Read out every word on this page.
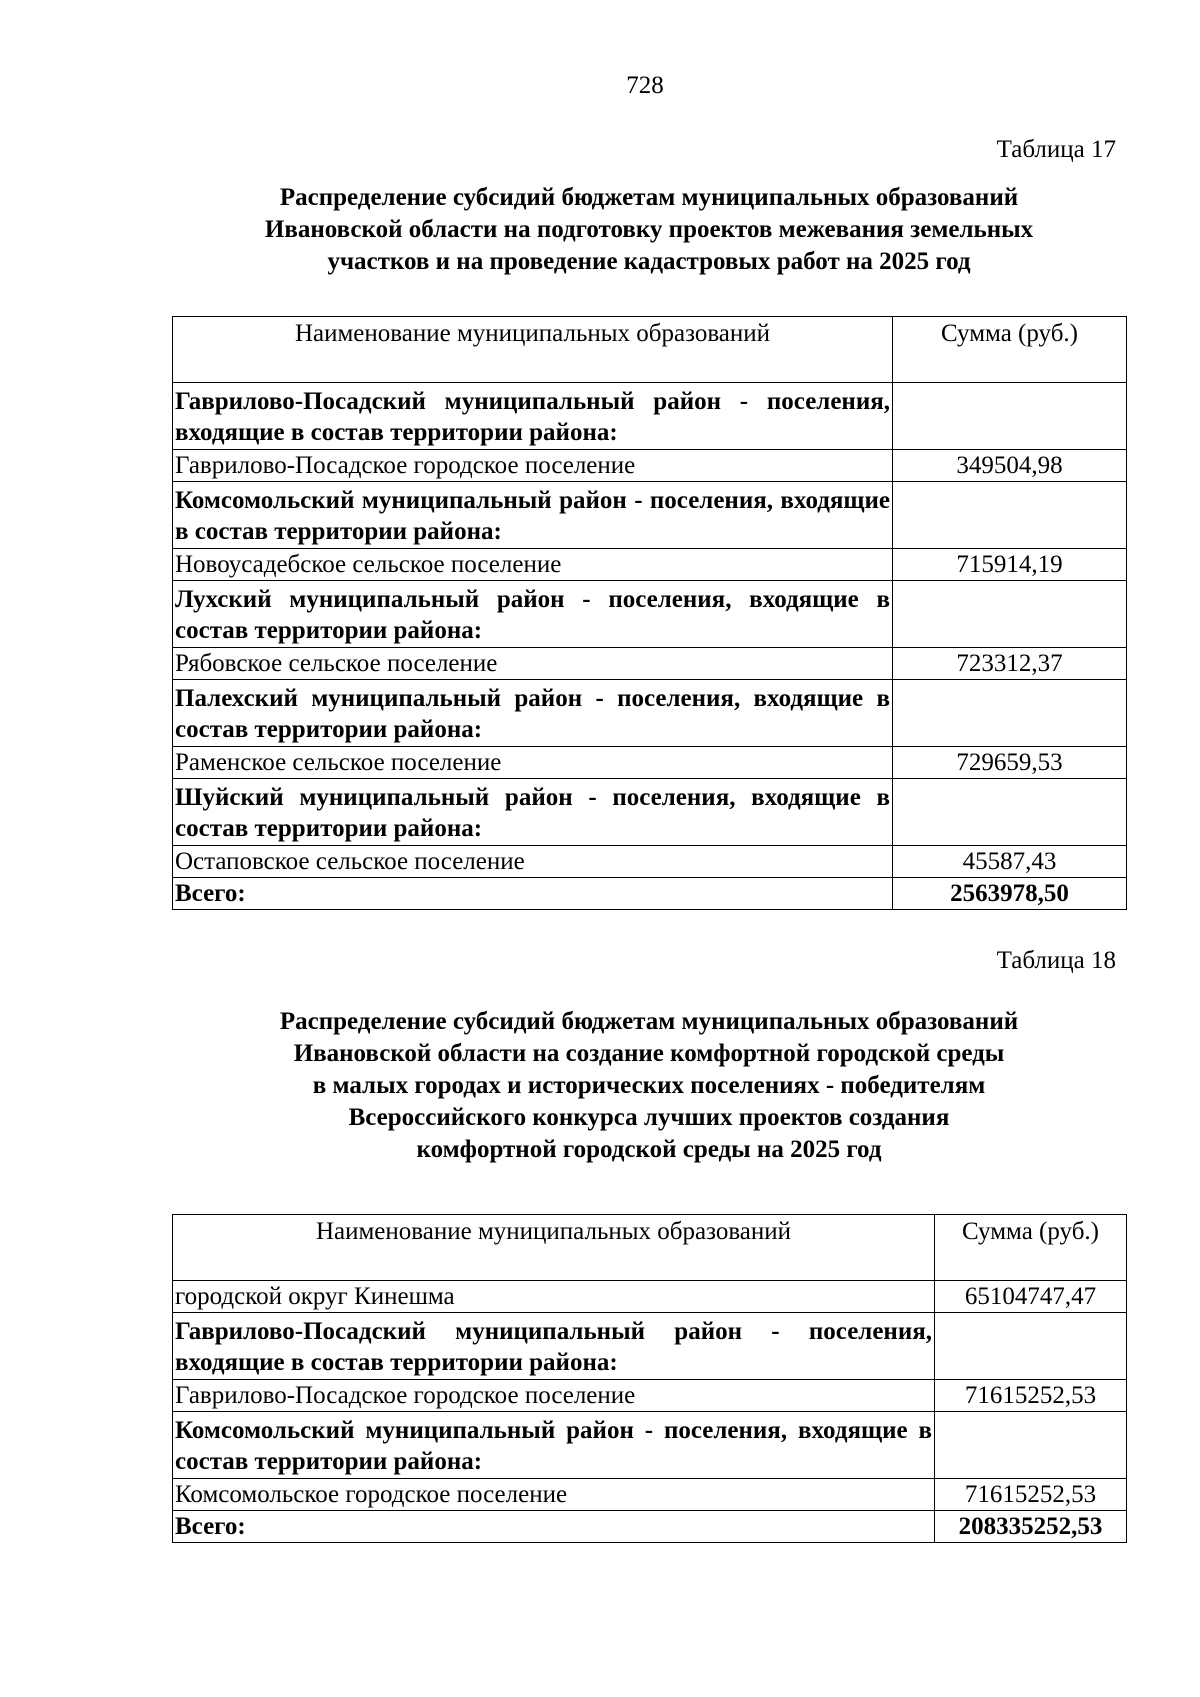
728
Таблица 17
Распределение субсидий бюджетам муниципальных образований
Ивановской области на подготовку проектов межевания земельных
участков и на проведение кадастровых работ на 2025 год
Наименование муниципальных образований	Сумма (руб.)
Гаврилово-Посадский муниципальный район - поселения, входящие в состав территории района:	
Гаврилово-Посадское городское поселение	349504,98
Комсомольский муниципальный район - поселения, входящие в состав территории района:	
Новоусадебское сельское поселение	715914,19
Лухский муниципальный район - поселения, входящие в состав территории района:	
Рябовское сельское поселение	723312,37
Палехский муниципальный район - поселения, входящие в состав территории района:	
Раменское сельское поселение	729659,53
Шуйский муниципальный район - поселения, входящие в состав территории района:	
Остаповское сельское поселение	45587,43
Всего:	2563978,50
Таблица 18
Распределение субсидий бюджетам муниципальных образований
Ивановской области на создание комфортной городской среды
в малых городах и исторических поселениях - победителям
Всероссийского конкурса лучших проектов создания
комфортной городской среды на 2025 год
Наименование муниципальных образований	Сумма (руб.)
городской округ Кинешма	65104747,47
Гаврилово-Посадский муниципальный район - поселения, входящие в состав территории района:	
Гаврилово-Посадское городское поселение	71615252,53
Комсомольский муниципальный район - поселения, входящие в состав территории района:	
Комсомольское городское поселение	71615252,53
Всего:	208335252,53
